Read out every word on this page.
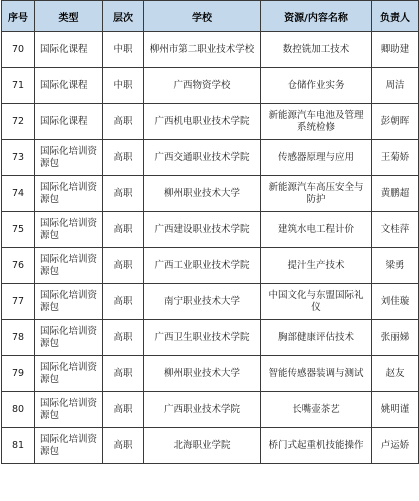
序号	类型	层次	学校	资源/内容名称	负责人
70	国际化课程	中职	柳州市第二职业技术学校	数控铣加工技术	卿助建
71	国际化课程	中职	广西物资学校	仓储作业实务	周洁
72	国际化课程	高职	广西机电职业技术学院	新能源汽车电池及管理系统检修	彭朝晖
73	国际化培训资源包	高职	广西交通职业技术学院	传感器原理与应用	王菊娇
74	国际化培训资源包	高职	柳州职业技术大学	新能源汽车高压安全与防护	黄鹏超
75	国际化培训资源包	高职	广西建设职业技术学院	建筑水电工程计价	文桂萍
76	国际化培训资源包	高职	广西工业职业技术学院	提汁生产技术	梁勇
77	国际化培训资源包	高职	南宁职业技术大学	中国文化与东盟国际礼仪	刘佳璇
78	国际化培训资源包	高职	广西卫生职业技术学院	胸部健康评估技术	张丽娣
79	国际化培训资源包	高职	柳州职业技术大学	智能传感器装调与测试	赵友
80	国际化培训资源包	高职	广西职业技术学院	长嘴壶茶艺	姚明谨
81	国际化培训资源包	高职	北海职业学院	桥门式起重机技能操作	卢运娇
